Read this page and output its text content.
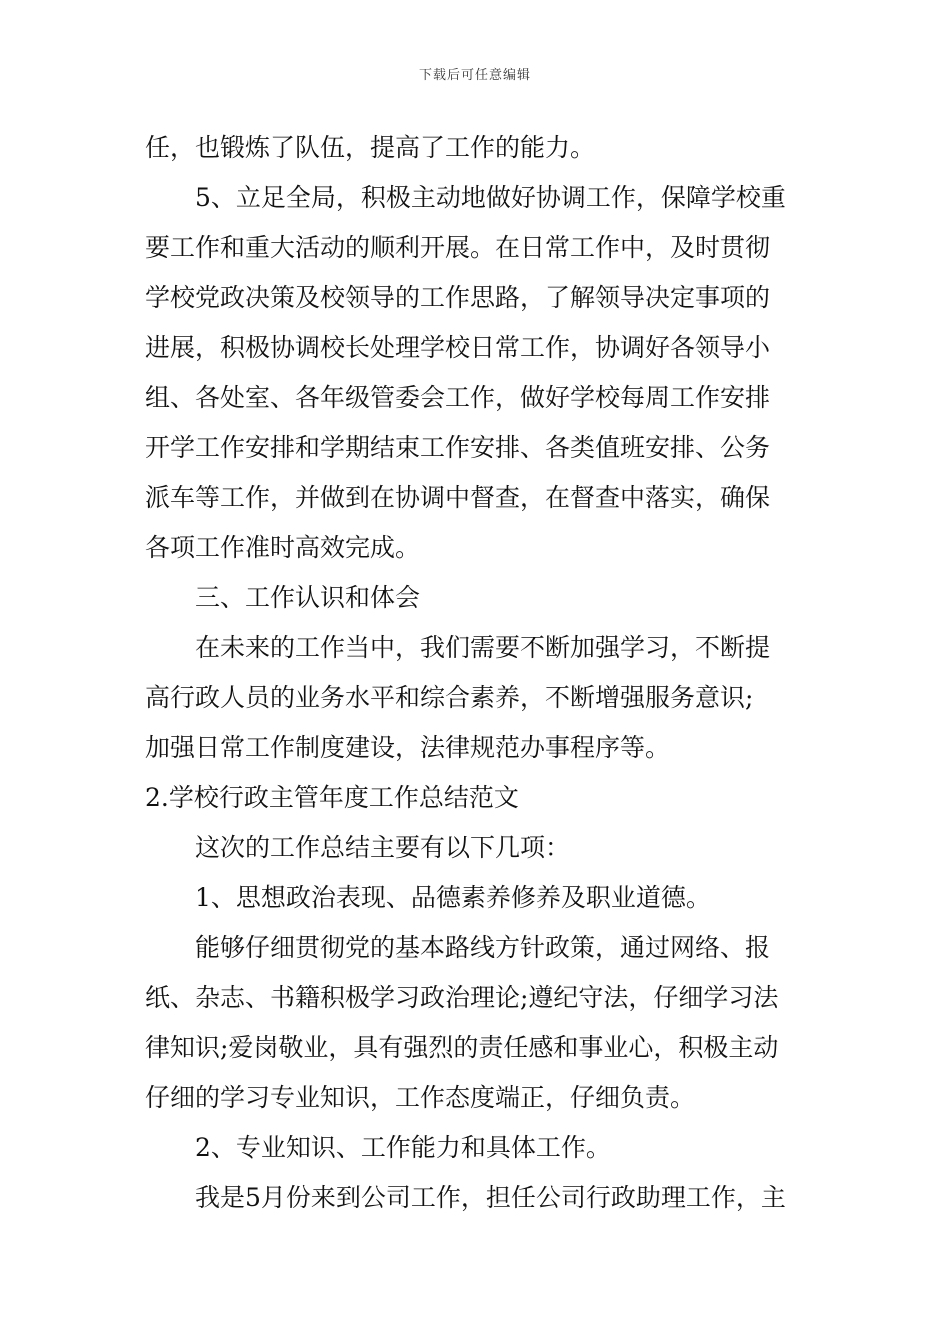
下载后可任意编辑
任，也锻炼了队伍，提高了工作的能力。
5、立足全局，积极主动地做好协调工作，保障学校重
要工作和重大活动的顺利开展。在日常工作中，及时贯彻
学校党政决策及校领导的工作思路，了解领导决定事项的
进展，积极协调校长处理学校日常工作，协调好各领导小
组、各处室、各年级管委会工作，做好学校每周工作安排
开学工作安排和学期结束工作安排、各类值班安排、公务
派车等工作，并做到在协调中督查，在督查中落实，确保
各项工作准时高效完成。
三、工作认识和体会
在未来的工作当中，我们需要不断加强学习，不断提
高行政人员的业务水平和综合素养，不断增强服务意识;
加强日常工作制度建设，法律规范办事程序等。
2.学校行政主管年度工作总结范文
这次的工作总结主要有以下几项：
1、思想政治表现、品德素养修养及职业道德。
能够仔细贯彻党的基本路线方针政策，通过网络、报
纸、杂志、书籍积极学习政治理论;遵纪守法，仔细学习法
律知识;爱岗敬业，具有强烈的责任感和事业心，积极主动
仔细的学习专业知识，工作态度端正，仔细负责。
2、专业知识、工作能力和具体工作。
我是5月份来到公司工作，担任公司行政助理工作，主
